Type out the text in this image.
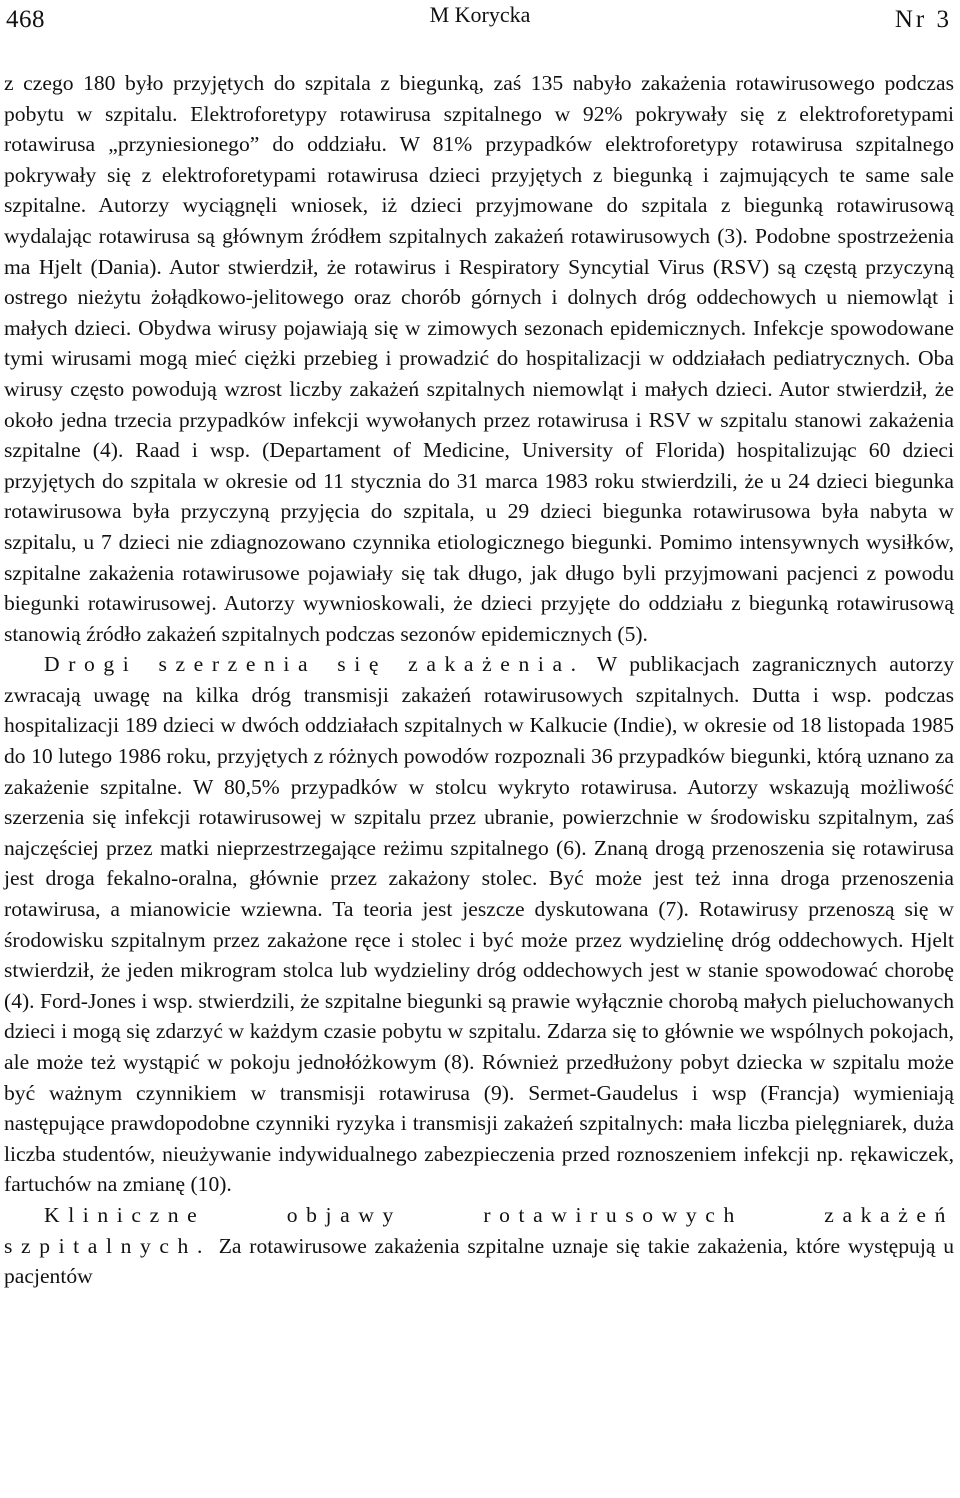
468	M Korycka	Nr 3

z czego 180 było przyjętych do szpitala z biegunką, zaś 135 nabyło zakażenia rotawirusowego podczas pobytu w szpitalu. Elektroforetypy rotawirusa szpitalnego w 92% pokrywały się z elektroforetypami rotawirusa „przyniesionego” do oddziału. W 81% przypadków elektroforetypy rotawirusa szpitalnego pokrywały się z elektroforetypami rotawirusa dzieci przyjętych z biegunką i zajmujących te same sale szpitalne. Autorzy wyciągnęli wniosek, iż dzieci przyjmowane do szpitala z biegunką rotawirusową wydalając rotawirusa są głównym źródłem szpitalnych zakażeń rotawirusowych (3). Podobne spostrzeżenia ma Hjelt (Dania). Autor stwierdził, że rotawirus i Respiratory Syncytial Virus (RSV) są częstą przyczyną ostrego nieżytu żołądkowo-jelitowego oraz chorób górnych i dolnych dróg oddechowych u niemowląt i małych dzieci. Obydwa wirusy pojawiają się w zimowych sezonach epidemicznych. Infekcje spowodowane tymi wirusami mogą mieć ciężki przebieg i prowadzić do hospitalizacji w oddziałach pediatrycznych. Oba wirusy często powodują wzrost liczby zakażeń szpitalnych niemowląt i małych dzieci. Autor stwierdził, że około jedna trzecia przypadków infekcji wywołanych przez rotawirusa i RSV w szpitalu stanowi zakażenia szpitalne (4). Raad i wsp. (Departament of Medicine, University of Florida) hospitalizując 60 dzieci przyjętych do szpitala w okresie od 11 stycznia do 31 marca 1983 roku stwierdzili, że u 24 dzieci biegunka rotawirusowa była przyczyną przyjęcia do szpitala, u 29 dzieci biegunka rotawirusowa była nabyta w szpitalu, u 7 dzieci nie zdiagnozowano czynnika etiologicznego biegunki. Pomimo intensywnych wysiłków, szpitalne zakażenia rotawirusowe pojawiały się tak długo, jak długo byli przyjmowani pacjenci z powodu biegunki rotawirusowej. Autorzy wywnioskowali, że dzieci przyjęte do oddziału z biegunką rotawirusową stanowią źródło zakażeń szpitalnych podczas sezonów epidemicznych (5).

Drogi szerzenia się zakażenia. W publikacjach zagranicznych autorzy zwracają uwagę na kilka dróg transmisji zakażeń rotawirusowych szpitalnych. Dutta i wsp. podczas hospitalizacji 189 dzieci w dwóch oddziałach szpitalnych w Kalkucie (Indie), w okresie od 18 listopada 1985 do 10 lutego 1986 roku, przyjętych z różnych powodów rozpoznali 36 przypadków biegunki, którą uznano za zakażenie szpitalne. W 80,5% przypadków w stolcu wykryto rotawirusa. Autorzy wskazują możliwość szerzenia się infekcji rotawirusowej w szpitalu przez ubranie, powierzchnie w środowisku szpitalnym, zaś najczęściej przez matki nieprzestrzegające reżimu szpitalnego (6). Znaną drogą przenoszenia się rotawirusa jest droga fekalno-oralna, głównie przez zakażony stolec. Być może jest też inna droga przenoszenia rotawirusa, a mianowicie wziewna. Ta teoria jest jeszcze dyskutowana (7). Rotawirusy przenoszą się w środowisku szpitalnym przez zakażone ręce i stolec i być może przez wydzielinę dróg oddechowych. Hjelt stwierdził, że jeden mikrogram stolca lub wydzieliny dróg oddechowych jest w stanie spowodować chorobę (4). Ford-Jones i wsp. stwierdzili, że szpitalne biegunki są prawie wyłącznie chorobą małych pieluchowanych dzieci i mogą się zdarzyć w każdym czasie pobytu w szpitalu. Zdarza się to głównie we wspólnych pokojach, ale może też wystąpić w pokoju jednołóżkowym (8). Również przedłużony pobyt dziecka w szpitalu może być ważnym czynnikiem w transmisji rotawirusa (9). Sermet-Gaudelus i wsp (Francja) wymieniają następujące prawdopodobne czynniki ryzyka i transmisji zakażeń szpitalnych: mała liczba pielęgniarek, duża liczba studentów, nieużywanie indywidualnego zabezpieczenia przed roznoszeniem infekcji np. rękawiczek, fartuchów na zmianę (10).

Kliniczne objawy rotawirusowych zakażeń szpitalnych. Za rotawirusowe zakażenia szpitalne uznaje się takie zakażenia, które występują u pacjentów
